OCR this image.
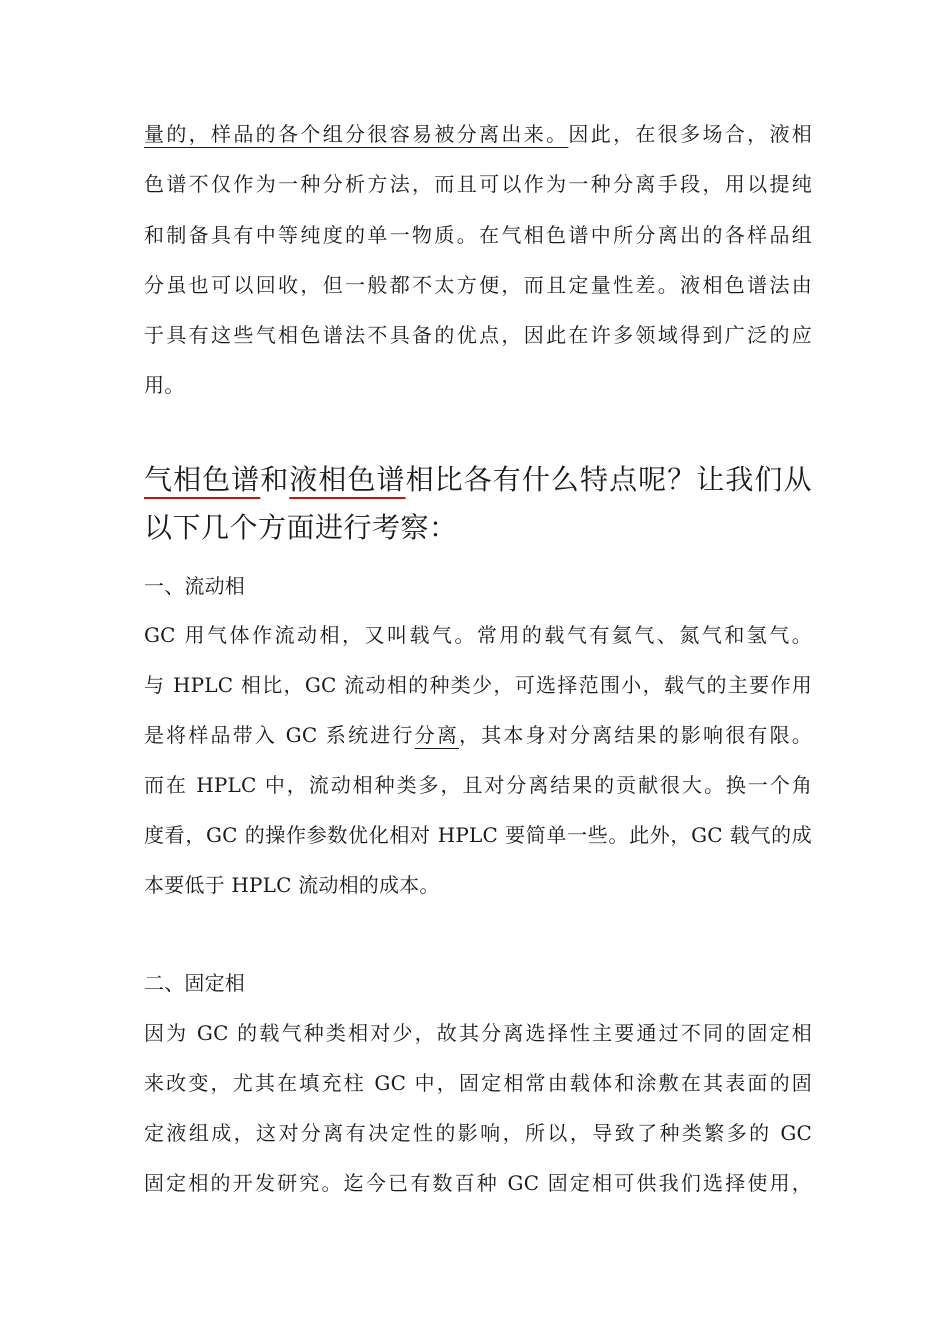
量的，样品的各个组分很容易被分离出来。因此，在很多场合，液相
色谱不仅作为一种分析方法，而且可以作为一种分离手段，用以提纯
和制备具有中等纯度的单一物质。在气相色谱中所分离出的各样品组
分虽也可以回收，但一般都不太方便，而且定量性差。液相色谱法由
于具有这些气相色谱法不具备的优点，因此在许多领域得到广泛的应
用。
气相色谱和液相色谱相比各有什么特点呢？让我们从
以下几个方面进行考察：
一、流动相
GC 用气体作流动相，又叫载气。常用的载气有氦气、氮气和氢气。
与 HPLC 相比，GC 流动相的种类少，可选择范围小，载气的主要作用
是将样品带入 GC 系统进行分离，其本身对分离结果的影响很有限。
而在 HPLC 中，流动相种类多，且对分离结果的贡献很大。换一个角
度看，GC 的操作参数优化相对 HPLC 要简单一些。此外，GC 载气的成
本要低于 HPLC 流动相的成本。
二、固定相
因为 GC 的载气种类相对少，故其分离选择性主要通过不同的固定相
来改变，尤其在填充柱 GC 中，固定相常由载体和涂敷在其表面的固
定液组成，这对分离有决定性的影响，所以，导致了种类繁多的 GC
固定相的开发研究。迄今已有数百种 GC 固定相可供我们选择使用，
